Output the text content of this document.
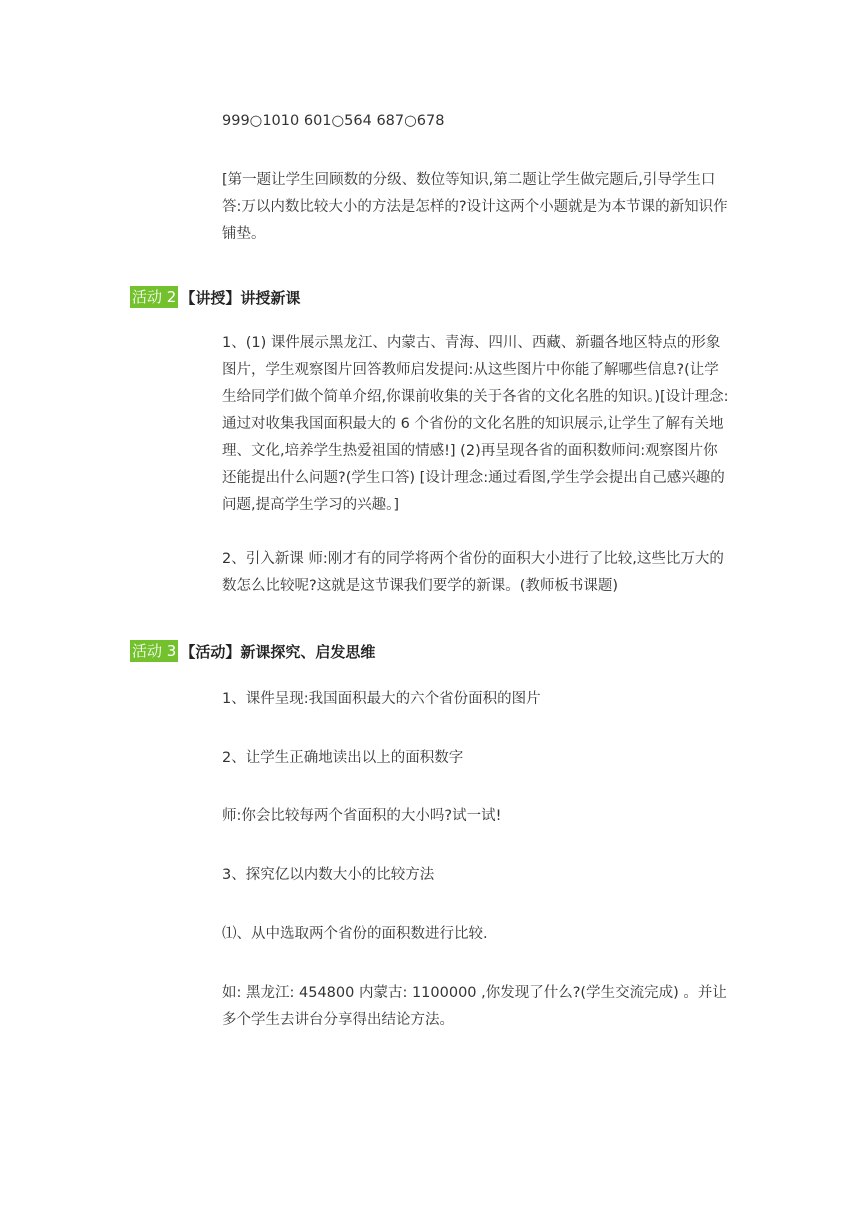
999○1010 601○564 687○678

[第一题让学生回顾数的分级、数位等知识,第二题让学生做完题后,引导学生口答:万以内数比较大小的方法是怎样的?设计这两个小题就是为本节课的新知识作铺垫。

活动 2 【讲授】讲授新课

1、(1) 课件展示黑龙江、内蒙古、青海、四川、西藏、新疆各地区特点的形象图片，学生观察图片回答教师启发提问:从这些图片中你能了解哪些信息?(让学生给同学们做个简单介绍,你课前收集的关于各省的文化名胜的知识。)[设计理念:通过对收集我国面积最大的 6 个省份的文化名胜的知识展示,让学生了解有关地理、文化,培养学生热爱祖国的情感!] (2)再呈现各省的面积数师问:观察图片你还能提出什么问题?(学生口答) [设计理念:通过看图,学生学会提出自己感兴趣的问题,提高学生学习的兴趣。]

2、引入新课 师:刚才有的同学将两个省份的面积大小进行了比较,这些比万大的数怎么比较呢?这就是这节课我们要学的新课。(教师板书课题)

活动 3 【活动】新课探究、启发思维

1、课件呈现:我国面积最大的六个省份面积的图片

2、让学生正确地读出以上的面积数字

师:你会比较每两个省面积的大小吗?试一试!

3、探究亿以内数大小的比较方法

⑴、从中选取两个省份的面积数进行比较.

如: 黑龙江: 454800 内蒙古: 1100000 ,你发现了什么?(学生交流完成) 。并让多个学生去讲台分享得出结论方法。
